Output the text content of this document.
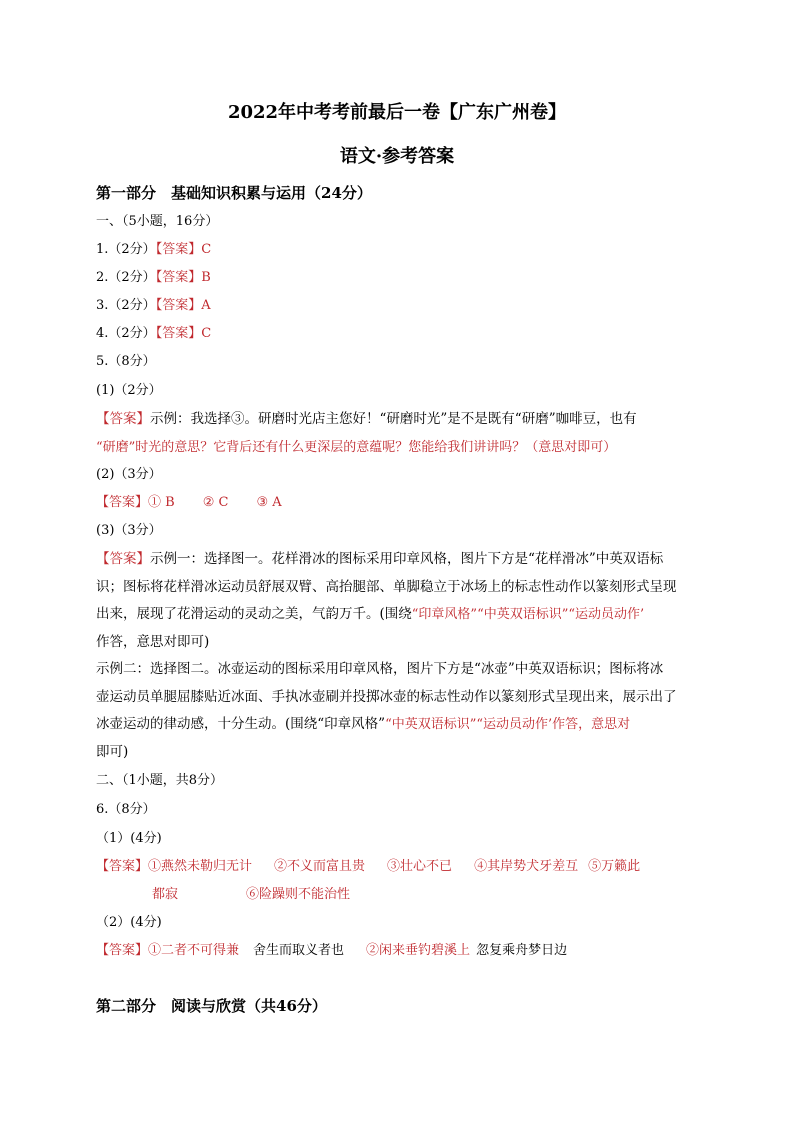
2022年中考考前最后一卷【广东广州卷】
语文·参考答案
第一部分　基础知识积累与运用（24分）
一、（5小题，16分）
1.（2分）【答案】C
2.（2分）【答案】B
3.（2分）【答案】A
4.（2分）【答案】C
5.（8分）
(1)（2分）
【答案】示例：我选择③。研磨时光店主您好！“研磨时光”是不是既有“研磨”咖啡豆，也有
“研磨”时光的意思？它背后还有什么更深层的意蕴呢？您能给我们讲讲吗？（意思对即可）
(2)（3分）
【答案】① B ② C ③ A
(3)（3分）
【答案】示例一：选择图一。花样滑冰的图标采用印章风格，图片下方是“花样滑冰”中英双语标
识；图标将花样滑冰运动员舒展双臂、高抬腿部、单脚稳立于冰场上的标志性动作以篆刻形式呈现
出来，展现了花滑运动的灵动之美，气韵万千。(围绕“印章风格”“中英双语标识”“运动员动作’
作答，意思对即可)
示例二：选择图二。冰壶运动的图标采用印章风格，图片下方是“冰壶”中英双语标识；图标将冰
壶运动员单腿屈膝贴近冰面、手执冰壶刷并投掷冰壶的标志性动作以篆刻形式呈现出来，展示出了
冰壶运动的律动感，十分生动。(围绕“印章风格”“中英双语标识”“运动员动作’作答，意思对
即可)
二、（1小题，共8分）
6.（8分）
（1）(4分)
【答案】①燕然未勒归无计 ②不义而富且贵 ③壮心不已 ④其岸势犬牙差互 ⑤万籁此
都寂	⑥险躁则不能治性
（2）(4分)
【答案】①二者不可得兼 舍生而取义者也 ②闲来垂钓碧溪上 忽复乘舟梦日边
第二部分　阅读与欣赏（共46分）
